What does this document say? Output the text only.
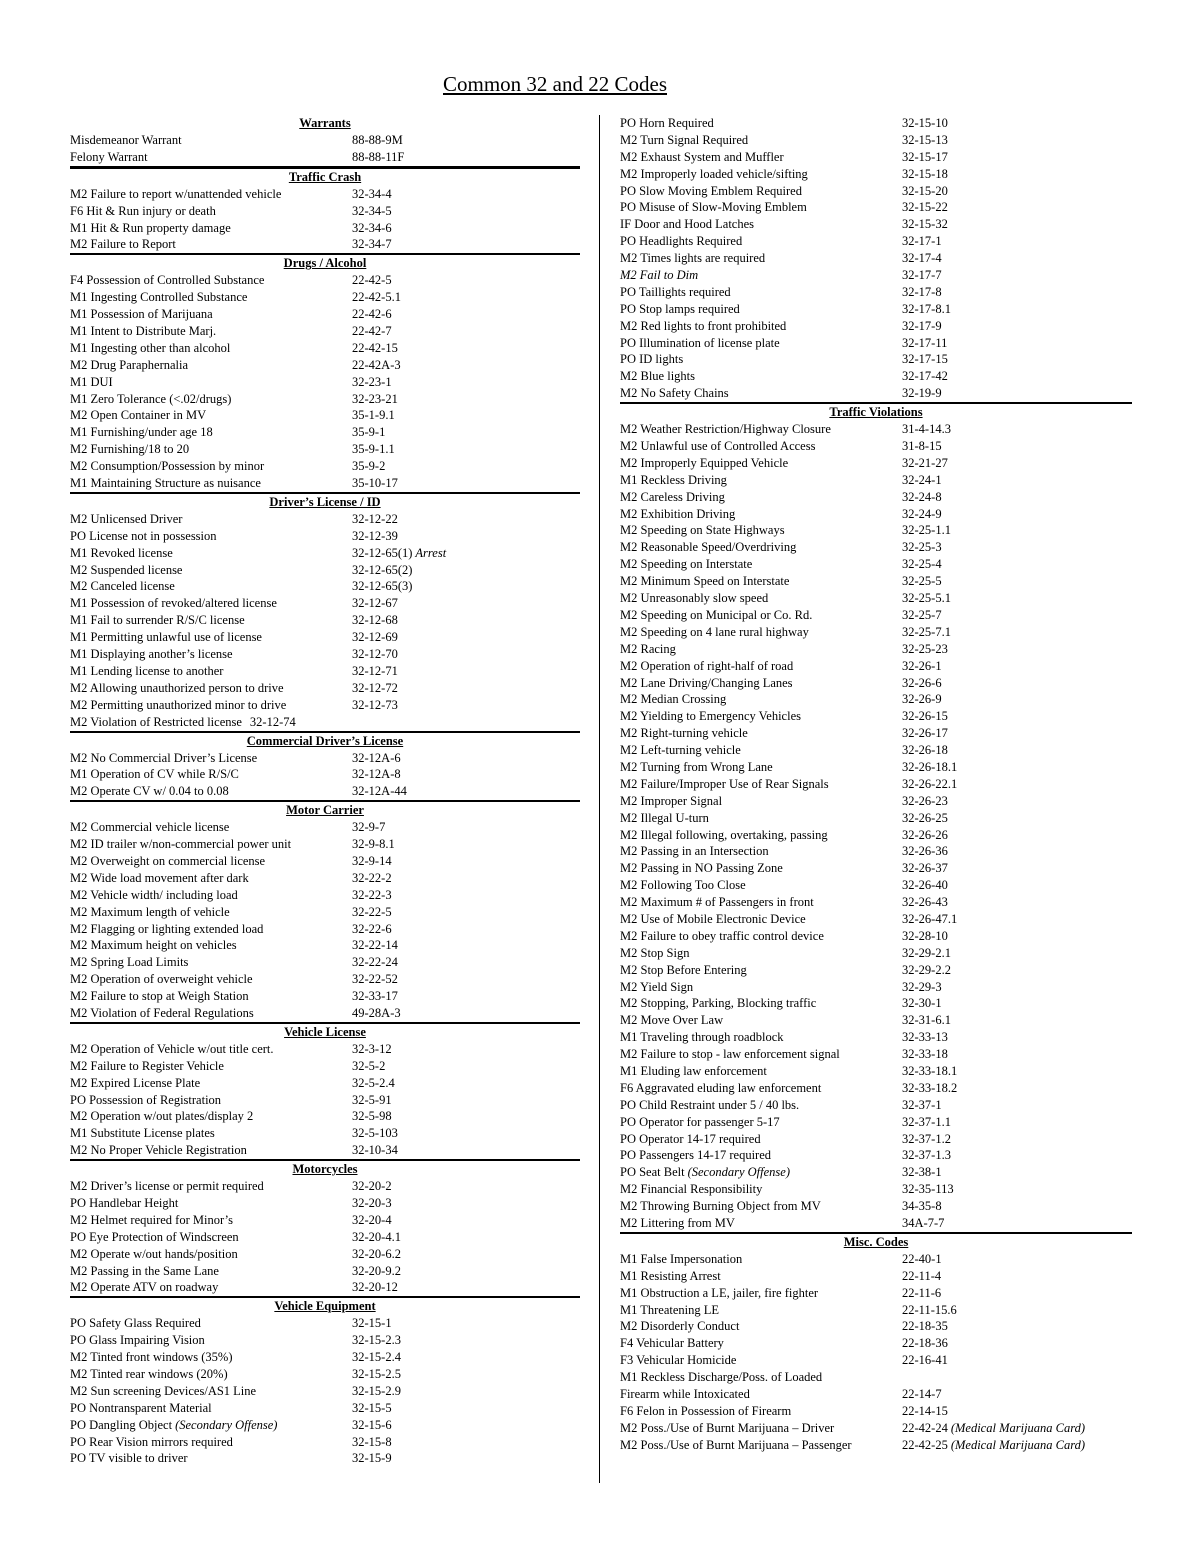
Common 32 and 22 Codes
Warrants
Misdemeanor Warrant	88-88-9M
Felony Warrant	88-88-11F
Traffic Crash
M2 Failure to report w/unattended vehicle	32-34-4
F6 Hit & Run injury or death	32-34-5
M1 Hit & Run property damage	32-34-6
M2 Failure to Report	32-34-7
Drugs / Alcohol
F4 Possession of Controlled Substance	22-42-5
M1 Ingesting Controlled Substance	22-42-5.1
M1 Possession of Marijuana	22-42-6
M1 Intent to Distribute Marj.	22-42-7
M1 Ingesting other than alcohol	22-42-15
M2 Drug Paraphernalia	22-42A-3
M1 DUI	32-23-1
M1 Zero Tolerance (<.02/drugs)	32-23-21
M2 Open Container in MV	35-1-9.1
M1 Furnishing/under age 18	35-9-1
M2 Furnishing/18 to 20	35-9-1.1
M2 Consumption/Possession by minor	35-9-2
M1 Maintaining Structure as nuisance	35-10-17
Driver’s License / ID
M2 Unlicensed Driver	32-12-22
PO License not in possession	32-12-39
M1 Revoked license	32-12-65(1) Arrest
M2 Suspended license	32-12-65(2)
M2 Canceled license	32-12-65(3)
M1 Possession of revoked/altered license	32-12-67
M1 Fail to surrender R/S/C license	32-12-68
M1 Permitting unlawful use of license	32-12-69
M1 Displaying another’s license	32-12-70
M1 Lending license to another	32-12-71
M2 Allowing unauthorized person to drive	32-12-72
M2 Permitting unauthorized minor to drive	32-12-73
M2 Violation of Restricted license 32-12-74
Commercial Driver’s License
M2 No Commercial Driver’s License	32-12A-6
M1 Operation of CV while R/S/C	32-12A-8
M2 Operate CV w/ 0.04 to 0.08	32-12A-44
Motor Carrier
M2 Commercial vehicle license	32-9-7
M2 ID trailer w/non-commercial power unit	32-9-8.1
M2 Overweight on commercial license	32-9-14
M2 Wide load movement after dark	32-22-2
M2 Vehicle width/ including load	32-22-3
M2 Maximum length of vehicle	32-22-5
M2 Flagging or lighting extended load	32-22-6
M2 Maximum height on vehicles	32-22-14
M2 Spring Load Limits	32-22-24
M2 Operation of overweight vehicle	32-22-52
M2 Failure to stop at Weigh Station	32-33-17
M2 Violation of Federal Regulations	49-28A-3
Vehicle License
M2 Operation of Vehicle w/out title cert.	32-3-12
M2 Failure to Register Vehicle	32-5-2
M2 Expired License Plate	32-5-2.4
PO Possession of Registration	32-5-91
M2 Operation w/out plates/display 2	32-5-98
M1 Substitute License plates	32-5-103
M2 No Proper Vehicle Registration	32-10-34
Motorcycles
M2 Driver’s license or permit required	32-20-2
PO Handlebar Height	32-20-3
M2 Helmet required for Minor’s	32-20-4
PO Eye Protection of Windscreen	32-20-4.1
M2 Operate w/out hands/position	32-20-6.2
M2 Passing in the Same Lane	32-20-9.2
M2 Operate ATV on roadway	32-20-12
Vehicle Equipment
PO Safety Glass Required	32-15-1
PO Glass Impairing Vision	32-15-2.3
M2 Tinted front windows (35%)	32-15-2.4
M2 Tinted rear windows (20%)	32-15-2.5
M2 Sun screening Devices/AS1 Line	32-15-2.9
PO Nontransparent Material	32-15-5
PO Dangling Object (Secondary Offense)	32-15-6
PO Rear Vision mirrors required	32-15-8
PO TV visible to driver	32-15-9
PO Horn Required	32-15-10
M2 Turn Signal Required	32-15-13
M2 Exhaust System and Muffler	32-15-17
M2 Improperly loaded vehicle/sifting	32-15-18
PO Slow Moving Emblem Required	32-15-20
PO Misuse of Slow-Moving Emblem	32-15-22
IF Door and Hood Latches	32-15-32
PO Headlights Required	32-17-1
M2 Times lights are required	32-17-4
M2 Fail to Dim	32-17-7
PO Taillights required	32-17-8
PO Stop lamps required	32-17-8.1
M2 Red lights to front prohibited	32-17-9
PO Illumination of license plate	32-17-11
PO ID lights	32-17-15
M2 Blue lights	32-17-42
M2 No Safety Chains	32-19-9
Traffic Violations
M2 Weather Restriction/Highway Closure	31-4-14.3
M2 Unlawful use of Controlled Access	31-8-15
M2 Improperly Equipped Vehicle	32-21-27
M1 Reckless Driving	32-24-1
M2 Careless Driving	32-24-8
M2 Exhibition Driving	32-24-9
M2 Speeding on State Highways	32-25-1.1
M2 Reasonable Speed/Overdriving	32-25-3
M2 Speeding on Interstate	32-25-4
M2 Minimum Speed on Interstate	32-25-5
M2 Unreasonably slow speed	32-25-5.1
M2 Speeding on Municipal or Co. Rd.	32-25-7
M2 Speeding on 4 lane rural highway	32-25-7.1
M2 Racing	32-25-23
M2 Operation of right-half of road	32-26-1
M2 Lane Driving/Changing Lanes	32-26-6
M2 Median Crossing	32-26-9
M2 Yielding to Emergency Vehicles	32-26-15
M2 Right-turning vehicle	32-26-17
M2 Left-turning vehicle	32-26-18
M2 Turning from Wrong Lane	32-26-18.1
M2 Failure/Improper Use of Rear Signals	32-26-22.1
M2 Improper Signal	32-26-23
M2 Illegal U-turn	32-26-25
M2 Illegal following, overtaking, passing	32-26-26
M2 Passing in an Intersection	32-26-36
M2 Passing in NO Passing Zone	32-26-37
M2 Following Too Close	32-26-40
M2 Maximum # of Passengers in front	32-26-43
M2 Use of Mobile Electronic Device	32-26-47.1
M2 Failure to obey traffic control device	32-28-10
M2 Stop Sign	32-29-2.1
M2 Stop Before Entering	32-29-2.2
M2 Yield Sign	32-29-3
M2 Stopping, Parking, Blocking traffic	32-30-1
M2 Move Over Law	32-31-6.1
M1 Traveling through roadblock	32-33-13
M2 Failure to stop - law enforcement signal	32-33-18
M1 Eluding law enforcement	32-33-18.1
F6 Aggravated eluding law enforcement	32-33-18.2
PO Child Restraint under 5 / 40 lbs.	32-37-1
PO Operator for passenger 5-17	32-37-1.1
PO Operator 14-17 required	32-37-1.2
PO Passengers 14-17 required	32-37-1.3
PO Seat Belt (Secondary Offense)	32-38-1
M2 Financial Responsibility	32-35-113
M2 Throwing Burning Object from MV	34-35-8
M2 Littering from MV	34A-7-7
Misc. Codes
M1 False Impersonation	22-40-1
M1 Resisting Arrest	22-11-4
M1 Obstruction a LE, jailer, fire fighter	22-11-6
M1 Threatening LE	22-11-15.6
M2 Disorderly Conduct	22-18-35
F4 Vehicular Battery	22-18-36
F3 Vehicular Homicide	22-16-41
M1 Reckless Discharge/Poss. of Loaded
Firearm while Intoxicated	22-14-7
F6 Felon in Possession of Firearm	22-14-15
M2 Poss./Use of Burnt Marijuana – Driver	22-42-24 (Medical Marijuana Card)
M2 Poss./Use of Burnt Marijuana – Passenger	22-42-25 (Medical Marijuana Card)
